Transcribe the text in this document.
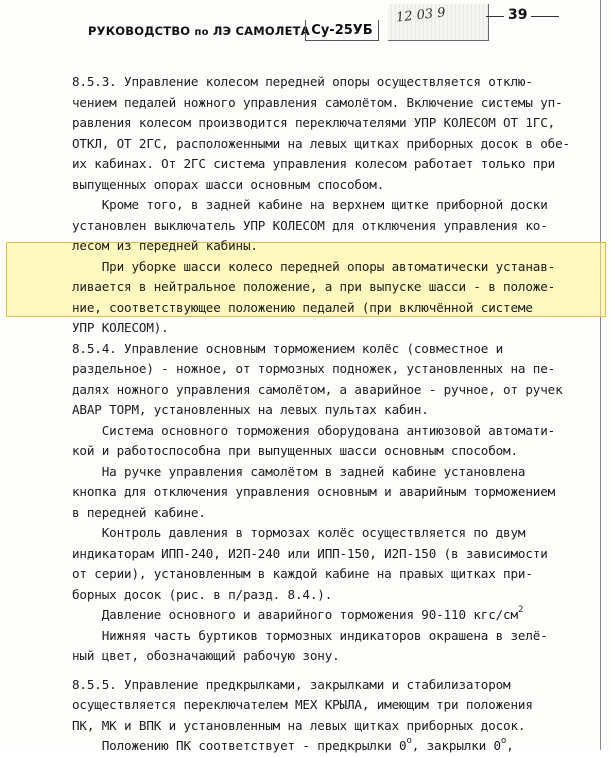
РУКОВОДСТВО по ЛЭ САМОЛЕТА Су-25УБ
12 03 9	39
8.5.3. Управление колесом передней опоры осуществляется отклю-
чением педалей ножного управления самолётом. Включение системы уп-
равления колесом производится переключателями УПР КОЛЕСОМ ОТ 1ГС,
ОТКЛ, ОТ 2ГС, расположенными на левых щитках приборных досок в обе-
их кабинах. От 2ГС система управления колесом работает только при
выпущенных опорах шасси основным способом.
Кроме того, в задней кабине на верхнем щитке приборной доски
установлен выключатель УПР КОЛЕСОМ для отключения управления ко-
лесом из передней кабины.
При уборке шасси колесо передней опоры автоматически устанав-
ливается в нейтральное положение, а при выпуске шасси - в положе-
ние, соответствующее положению педалей (при включённой системе
УПР КОЛЕСОМ).
8.5.4. Управление основным торможением колёс (совместное и
раздельное) - ножное, от тормозных подножек, установленных на пе-
далях ножного управления самолётом, а аварийное - ручное, от ручек
АВАР ТОРМ, установленных на левых пультах кабин.
Система основного торможения оборудована антиюзовой автомати-
кой и работоспособна при выпущенных шасси основным способом.
На ручке управления самолётом в задней кабине установлена
кнопка для отключения управления основным и аварийным торможением
в передней кабине.
Контроль давления в тормозах колёс осуществляется по двум
индикаторам ИПП-240, И2П-240 или ИПП-150, И2П-150 (в зависимости
от серии), установленным в каждой кабине на правых щитках при-
борных досок (рис. в п/разд. 8.4.).
Давление основного и аварийного торможения 90-110 кгс/$см^2$
Нижняя часть буртиков тормозных индикаторов окрашена в зелё-
ный цвет, обозначающий рабочую зону.
8.5.5. Управление предкрылками, закрылками и стабилизатором
осуществляется переключателем МЕХ КРЫЛА, имеющим три положения
ПК, МК и ВПК и установленным на левых щитках приборных досок.
Положению ПК соответствует - предкрылки 0$^o$, закрылки 0$^o$,
